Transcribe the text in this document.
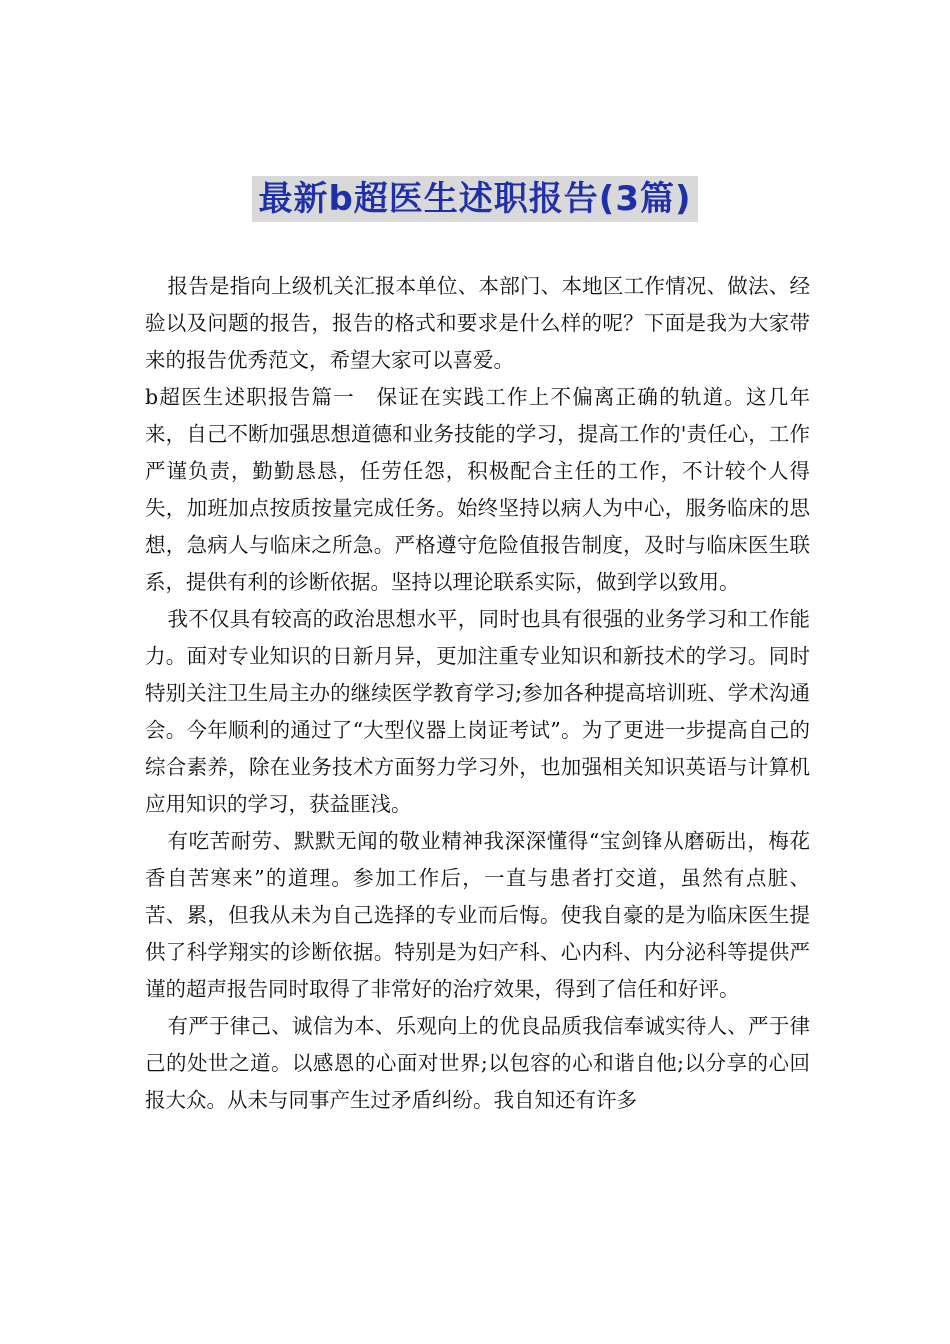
最新b超医生述职报告(3篇)

报告是指向上级机关汇报本单位、本部门、本地区工作情况、做法、经验以及问题的报告，报告的格式和要求是什么样的呢？下面是我为大家带来的报告优秀范文，希望大家可以喜爱。

b超医生述职报告篇一　保证在实践工作上不偏离正确的轨道。这几年来，自己不断加强思想道德和业务技能的学习，提高工作的'责任心，工作严谨负责，勤勤恳恳，任劳任怨，积极配合主任的工作，不计较个人得失，加班加点按质按量完成任务。始终坚持以病人为中心，服务临床的思想，急病人与临床之所急。严格遵守危险值报告制度，及时与临床医生联系，提供有利的诊断依据。坚持以理论联系实际，做到学以致用。

我不仅具有较高的政治思想水平，同时也具有很强的业务学习和工作能力。面对专业知识的日新月异，更加注重专业知识和新技术的学习。同时特别关注卫生局主办的继续医学教育学习;参加各种提高培训班、学术沟通会。今年顺利的通过了“大型仪器上岗证考试”。为了更进一步提高自己的综合素养，除在业务技术方面努力学习外，也加强相关知识英语与计算机应用知识的学习，获益匪浅。

有吃苦耐劳、默默无闻的敬业精神我深深懂得“宝剑锋从磨砺出，梅花香自苦寒来”的道理。参加工作后，一直与患者打交道，虽然有点脏、苦、累，但我从未为自己选择的专业而后悔。使我自豪的是为临床医生提供了科学翔实的诊断依据。特别是为妇产科、心内科、内分泌科等提供严谨的超声报告同时取得了非常好的治疗效果，得到了信任和好评。

有严于律己、诚信为本、乐观向上的优良品质我信奉诚实待人、严于律己的处世之道。以感恩的心面对世界;以包容的心和谐自他;以分享的心回报大众。从未与同事产生过矛盾纠纷。我自知还有许多
